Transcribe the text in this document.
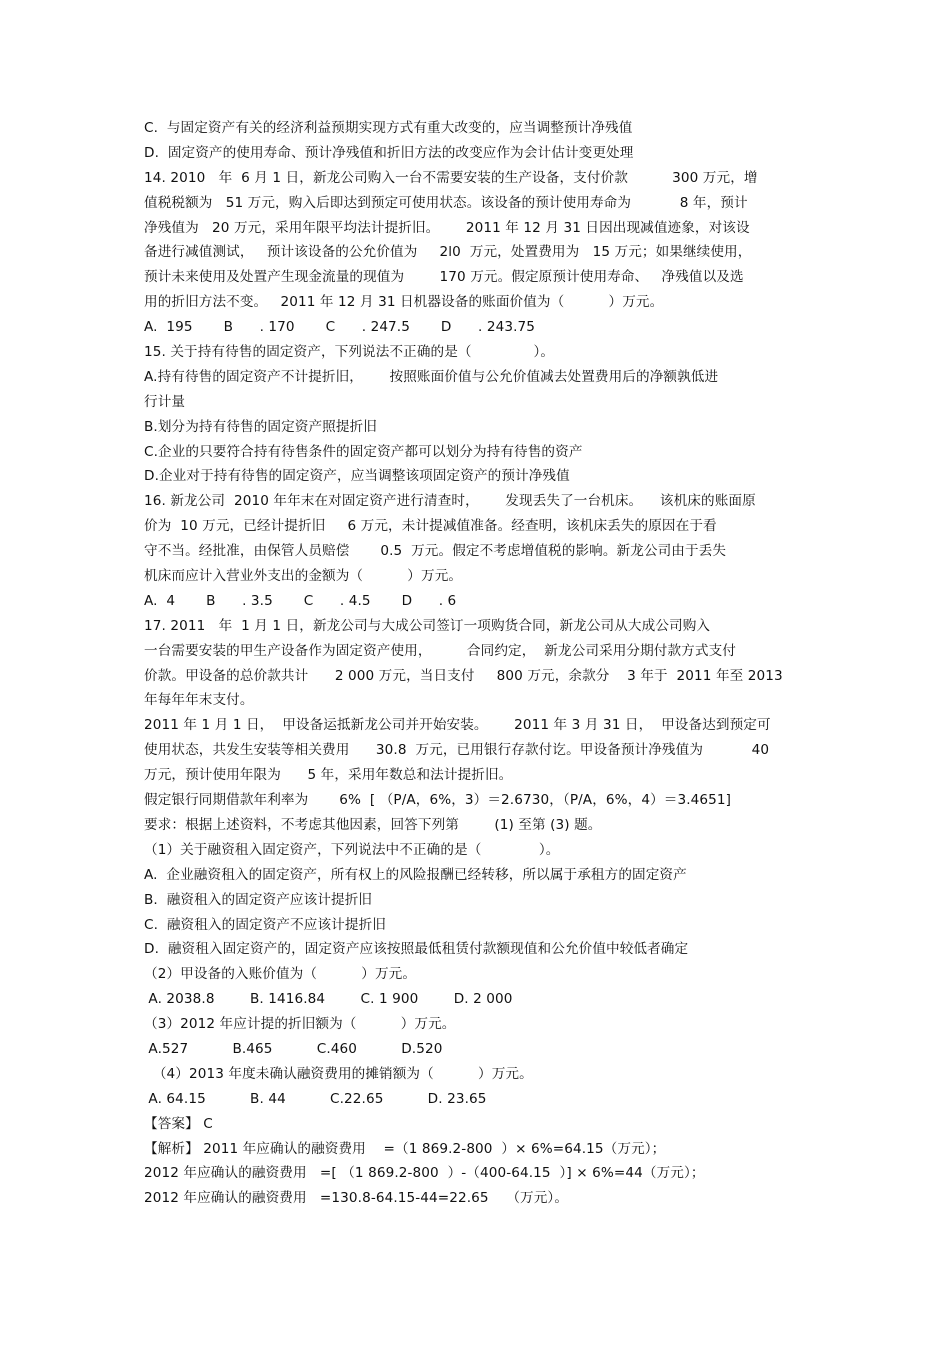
C.  与固定资产有关的经济利益预期实现方式有重大改变的，应当调整预计净残值
D.  固定资产的使用寿命、预计净残值和折旧方法的改变应作为会计估计变更处理
14. 2010   年  6 月 1 日，新龙公司购入一台不需要安装的生产设备，支付价款          300 万元，增
值税税额为   51 万元，购入后即达到预定可使用状态。该设备的预计使用寿命为           8 年，预计
净残值为   20 万元，采用年限平均法计提折旧。      2011 年 12 月 31 日因出现减值迹象，对该设
备进行减值测试，   预计该设备的公允价值为     2l0  万元，处置费用为   15 万元；如果继续使用，
预计未来使用及处置产生现金流量的现值为        170 万元。假定原预计使用寿命、   净残值以及选
用的折旧方法不变。   2011 年 12 月 31 日机器设备的账面价值为（          ）万元。
A.  195       B      . 170       C      . 247.5       D      . 243.75
15. 关于持有待售的固定资产，下列说法不正确的是（              ）。
A.持有待售的固定资产不计提折旧，      按照账面价值与公允价值减去处置费用后的净额孰低进
行计量
B.划分为持有待售的固定资产照提折旧
C.企业的只要符合持有待售条件的固定资产都可以划分为持有待售的资产
D.企业对于持有待售的固定资产，应当调整该项固定资产的预计净残值
16. 新龙公司  2010 年年末在对固定资产进行清查时，      发现丢失了一台机床。    该机床的账面原
价为  10 万元，已经计提折旧     6 万元，未计提减值准备。经查明，该机床丢失的原因在于看
守不当。经批准，由保管人员赔偿       0.5  万元。假定不考虑增值税的影响。新龙公司由于丢失
机床而应计入营业外支出的金额为（          ）万元。
A.  4       B      . 3.5       C      . 4.5       D      . 6
17. 2011   年  1 月 1 日，新龙公司与大成公司签订一项购货合同，新龙公司从大成公司购入
一台需要安装的甲生产设备作为固定资产使用，        合同约定，  新龙公司采用分期付款方式支付
价款。甲设备的总价款共计      2 000 万元，当日支付     800 万元，余款分    3 年于  2011 年至 2013
年每年年末支付。
2011 年 1 月 1 日，  甲设备运抵新龙公司并开始安装。      2011 年 3 月 31 日，  甲设备达到预定可
使用状态，共发生安装等相关费用      30.8  万元，已用银行存款付讫。甲设备预计净残值为           40
万元，预计使用年限为      5 年，采用年数总和法计提折旧。
假定银行同期借款年利率为       6%  [ （P/A，6%，3）＝2.6730，（P/A，6%，4）＝3.4651]
要求：根据上述资料，不考虑其他因素，回答下列第        (1) 至第 (3) 题。
（1）关于融资租入固定资产，下列说法中不正确的是（             ）。
A.  企业融资租入的固定资产，所有权上的风险报酬已经转移，所以属于承租方的固定资产
B.  融资租入的固定资产应该计提折旧
C.  融资租入的固定资产不应该计提折旧
D.  融资租入固定资产的，固定资产应该按照最低租赁付款额现值和公允价值中较低者确定
（2）甲设备的入账价值为（          ）万元。
A. 2038.8        B. 1416.84        C. 1 900        D. 2 000
（3）2012 年应计提的折旧额为（          ）万元。
A.527          B.465          C.460          D.520
（4）2013 年度未确认融资费用的摊销额为（          ）万元。
A. 64.15          B. 44          C.22.65          D. 23.65
【答案】 C
【解析】 2011 年应确认的融资费用    =（1 869.2-800  ）× 6%=64.15（万元）；
2012 年应确认的融资费用   =[ （1 869.2-800  ）-（400-64.15  ）] × 6%=44（万元）；
2012 年应确认的融资费用   =130.8-64.15-44=22.65    （万元）。
